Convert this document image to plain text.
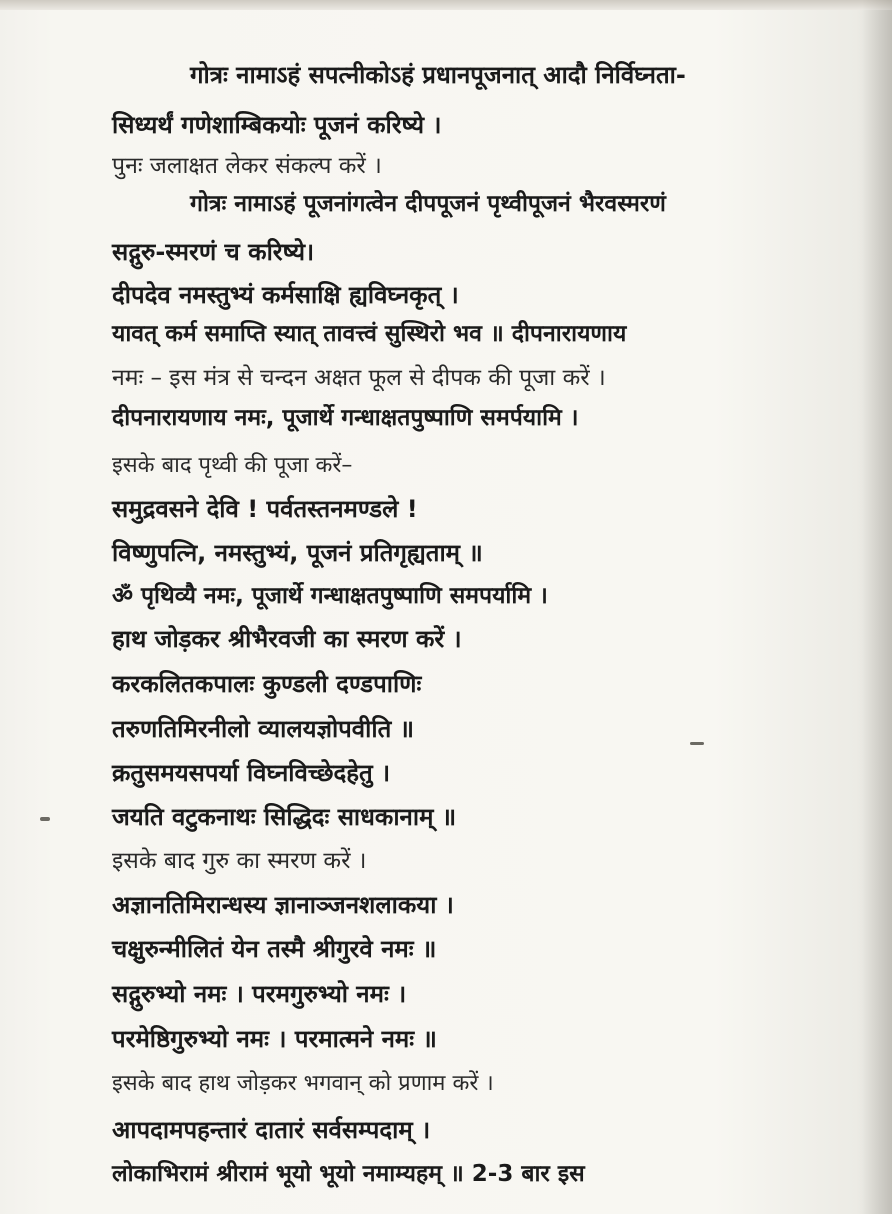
गोत्रः नामाऽहं सपत्नीकोऽहं प्रधानपूजनात् आदौ निर्विघ्नता-
सिध्यर्थं गणेशाम्बिकयोः पूजनं करिष्ये ।
पुनः जलाक्षत लेकर संकल्प करें ।
गोत्रः नामाऽहं पूजनांगत्वेन दीपपूजनं पृथ्वीपूजनं भैरवस्मरणं
सद्गुरु-स्मरणं च करिष्ये।
दीपदेव नमस्तुभ्यं कर्मसाक्षि ह्यविघ्नकृत् ।
यावत् कर्म समाप्ति स्यात् तावत्त्वं सुस्थिरो भव ॥ दीपनारायणाय
नमः – इस मंत्र से चन्दन अक्षत फूल से दीपक की पूजा करें ।
दीपनारायणाय नमः, पूजार्थे गन्धाक्षतपुष्पाणि समर्पयामि ।
इसके बाद पृथ्वी की पूजा करें–
समुद्रवसने देवि ! पर्वतस्तनमण्डले !
विष्णुपत्नि, नमस्तुभ्यं, पूजनं प्रतिगृह्यताम् ॥
ॐ पृथिव्यै नमः, पूजार्थे गन्धाक्षतपुष्पाणि समपर्यामि ।
हाथ जोड़कर श्रीभैरवजी का स्मरण करें ।
करकलितकपालः कुण्डली दण्डपाणिः
तरुणतिमिरनीलो व्यालयज्ञोपवीति ॥
क्रतुसमयसपर्या विघ्नविच्छेदहेतु ।
जयति वटुकनाथः सिद्धिदः साधकानाम् ॥
इसके बाद गुरु का स्मरण करें ।
अज्ञानतिमिरान्धस्य ज्ञानाञ्जनशलाकया ।
चक्षुरुन्मीलितं येन तस्मै श्रीगुरवे नमः ॥
सद्गुरुभ्यो नमः । परमगुरुभ्यो नमः ।
परमेष्ठिगुरुभ्यो नमः । परमात्मने नमः ॥
इसके बाद हाथ जोड़कर भगवान् को प्रणाम करें ।
आपदामपहन्तारं दातारं सर्वसम्पदाम् ।
लोकाभिरामं श्रीरामं भूयो भूयो नमाम्यहम् ॥ 2-3 बार इस
